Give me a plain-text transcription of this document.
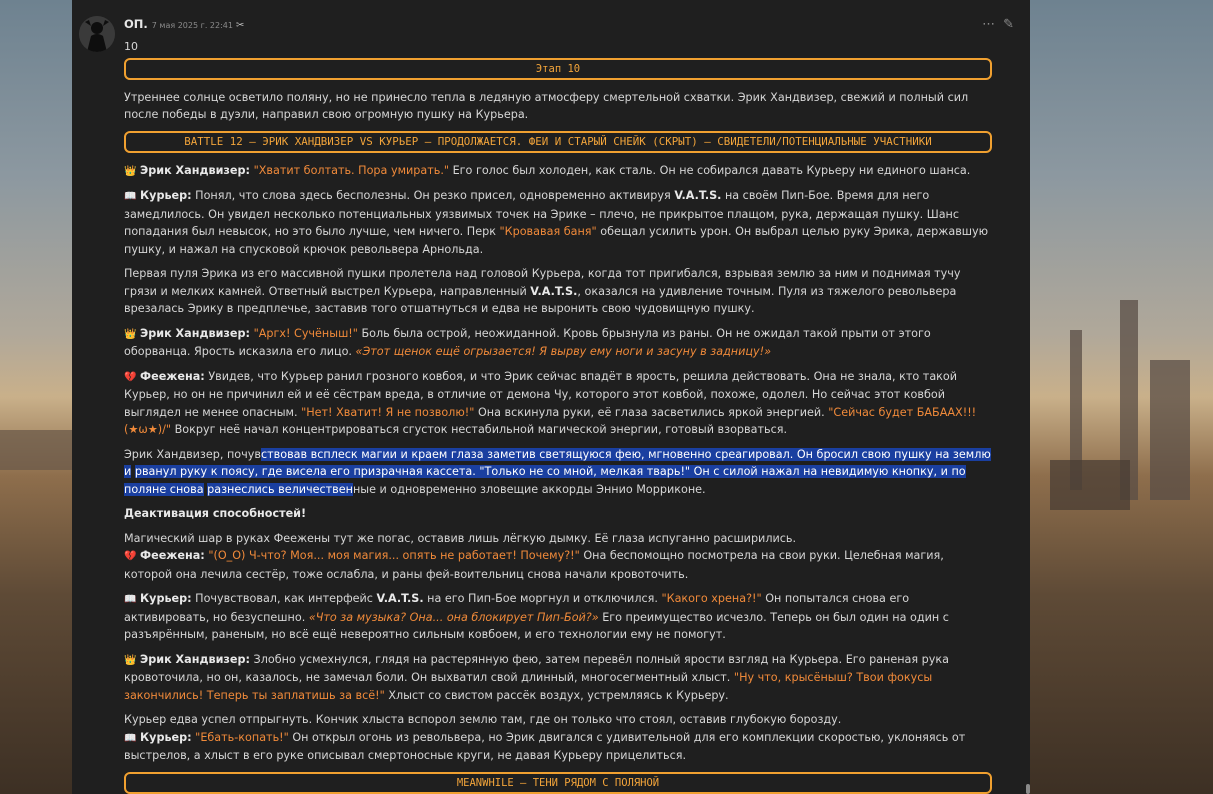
ОП. 7 мая 2025 г. 22:41 ✂	⋯ ✎
10
Этап 10

Утреннее солнце осветило поляну, но не принесло тепла в ледяную атмосферу смертельной схватки. Эрик Хандвизер, свежий и полный сил после победы в дуэли, направил свою огромную пушку на Курьера.

BATTLE 12 – ЭРИК ХАНДВИЗЕР VS КУРЬЕР – ПРОДОЛЖАЕТСЯ. ФЕИ И СТАРЫЙ СНЕЙК (СКРЫТ) – СВИДЕТЕЛИ/ПОТЕНЦИАЛЬНЫЕ УЧАСТНИКИ

👑 Эрик Хандвизер: "Хватит болтать. Пора умирать." Его голос был холоден, как сталь. Он не собирался давать Курьеру ни единого шанса.

📖 Курьер: Понял, что слова здесь бесполезны. Он резко присел, одновременно активируя V.A.T.S. на своём Пип-Бое. Время для него замедлилось. Он увидел несколько потенциальных уязвимых точек на Эрике – плечо, не прикрытое плащом, рука, держащая пушку. Шанс попадания был невысок, но это было лучше, чем ничего. Перк "Кровавая баня" обещал усилить урон. Он выбрал целью руку Эрика, державшую пушку, и нажал на спусковой крючок револьвера Арнольда.

Первая пуля Эрика из его массивной пушки пролетела над головой Курьера, когда тот пригибался, взрывая землю за ним и поднимая тучу грязи и мелких камней. Ответный выстрел Курьера, направленный V.A.T.S., оказался на удивление точным. Пуля из тяжелого револьвера врезалась Эрику в предплечье, заставив того отшатнуться и едва не выронить свою чудовищную пушку.

👑 Эрик Хандвизер: "Аргх! Сучёныш!" Боль была острой, неожиданной. Кровь брызнула из раны. Он не ожидал такой прыти от этого оборванца. Ярость исказила его лицо. «Этот щенок ещё огрызается! Я вырву ему ноги и засуну в задницу!»

💔 Феежена: Увидев, что Курьер ранил грозного ковбоя, и что Эрик сейчас впадёт в ярость, решила действовать. Она не знала, кто такой Курьер, но он не причинил ей и её сёстрам вреда, в отличие от демона Чу, которого этот ковбой, похоже, одолел. Но сейчас этот ковбой выглядел не менее опасным. "Нет! Хватит! Я не позволю!" Она вскинула руки, её глаза засветились яркой энергией. "Сейчас будет БАБААХ!!! (★ω★)/" Вокруг неё начал концентрироваться сгусток нестабильной магической энергии, готовый взорваться.

Эрик Хандвизер, почувствовав всплеск магии и краем глаза заметив светящуюся фею, мгновенно среагировал. Он бросил свою пушку на землю и рванул руку к поясу, где висела его призрачная кассета. "Только не со мной, мелкая тварь!" Он с силой нажал на невидимую кнопку, и по поляне снова разнеслись величественные и одновременно зловещие аккорды Эннио Морриконе.

Деактивация способностей!

Магический шар в руках Феежены тут же погас, оставив лишь лёгкую дымку. Её глаза испуганно расширились.

💔 Феежена: "(О_О) Ч-что? Моя... моя магия... опять не работает! Почему?!" Она беспомощно посмотрела на свои руки. Целебная магия, которой она лечила сестёр, тоже ослабла, и раны фей-воительниц снова начали кровоточить.

📖 Курьер: Почувствовал, как интерфейс V.A.T.S. на его Пип-Бое моргнул и отключился. "Какого хрена?!" Он попытался снова его активировать, но безуспешно. «Что за музыка? Она... она блокирует Пип-Бой?» Его преимущество исчезло. Теперь он был один на один с разъярённым, раненым, но всё ещё невероятно сильным ковбоем, и его технологии ему не помогут.

👑 Эрик Хандвизер: Злобно усмехнулся, глядя на растерянную фею, затем перевёл полный ярости взгляд на Курьера. Его раненая рука кровоточила, но он, казалось, не замечал боли. Он выхватил свой длинный, многосегментный хлыст. "Ну что, крысёныш? Твои фокусы закончились! Теперь ты заплатишь за всё!" Хлыст со свистом рассёк воздух, устремляясь к Курьеру.

Курьер едва успел отпрыгнуть. Кончик хлыста вспорол землю там, где он только что стоял, оставив глубокую борозду.

📖 Курьер: "Ебать-копать!" Он открыл огонь из револьвера, но Эрик двигался с удивительной для его комплекции скоростью, уклоняясь от выстрелов, а хлыст в его руке описывал смертоносные круги, не давая Курьеру прицелиться.

MEANWHILE – ТЕНИ РЯДОМ С ПОЛЯНОЙ
